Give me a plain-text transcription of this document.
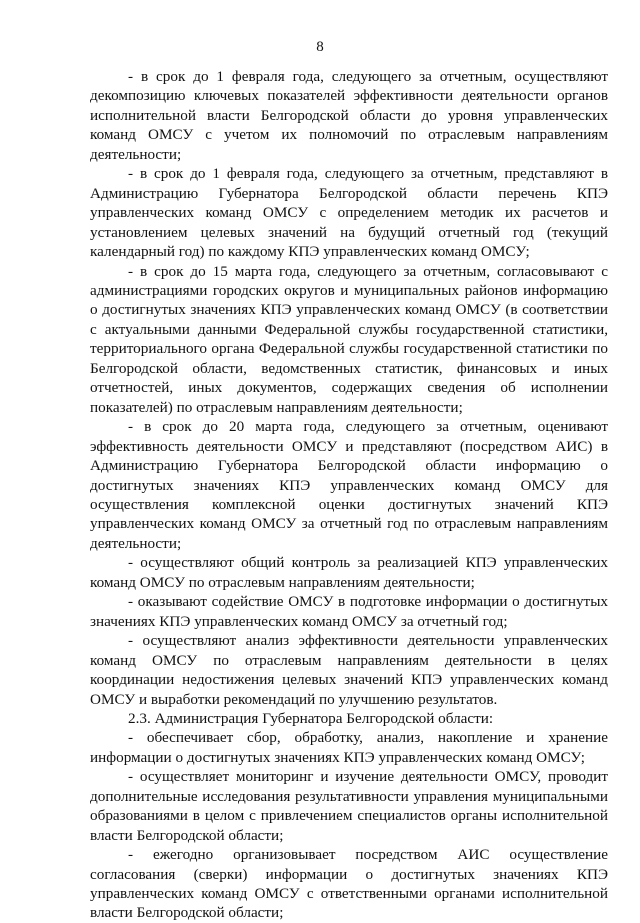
8

- в срок до 1 февраля года, следующего за отчетным, осуществляют декомпозицию ключевых показателей эффективности деятельности органов исполнительной власти Белгородской области до уровня управленческих команд ОМСУ с учетом их полномочий по отраслевым направлениям деятельности;

- в срок до 1 февраля года, следующего за отчетным, представляют в Администрацию Губернатора Белгородской области перечень КПЭ управленческих команд ОМСУ с определением методик их расчетов и установлением целевых значений на будущий отчетный год (текущий календарный год) по каждому КПЭ управленческих команд ОМСУ;

- в срок до 15 марта года, следующего за отчетным, согласовывают с администрациями городских округов и муниципальных районов информацию о достигнутых значениях КПЭ управленческих команд ОМСУ (в соответствии с актуальными данными Федеральной службы государственной статистики, территориального органа Федеральной службы государственной статистики по Белгородской области, ведомственных статистик, финансовых и иных отчетностей, иных документов, содержащих сведения об исполнении показателей) по отраслевым направлениям деятельности;

- в срок до 20 марта года, следующего за отчетным, оценивают эффективность деятельности ОМСУ и представляют (посредством АИС) в Администрацию Губернатора Белгородской области информацию о достигнутых значениях КПЭ управленческих команд ОМСУ для осуществления комплексной оценки достигнутых значений КПЭ управленческих команд ОМСУ за отчетный год по отраслевым направлениям деятельности;

- осуществляют общий контроль за реализацией КПЭ управленческих команд ОМСУ по отраслевым направлениям деятельности;

- оказывают содействие ОМСУ в подготовке информации о достигнутых значениях КПЭ управленческих команд ОМСУ за отчетный год;

- осуществляют анализ эффективности деятельности управленческих команд ОМСУ по отраслевым направлениям деятельности в целях координации недостижения целевых значений КПЭ управленческих команд ОМСУ и выработки рекомендаций по улучшению результатов.

2.3. Администрация Губернатора Белгородской области:

- обеспечивает сбор, обработку, анализ, накопление и хранение информации о достигнутых значениях КПЭ управленческих команд ОМСУ;

- осуществляет мониторинг и изучение деятельности ОМСУ, проводит дополнительные исследования результативности управления муниципальными образованиями в целом с привлечением специалистов органы исполнительной власти Белгородской области;

- ежегодно организовывает посредством АИС осуществление согласования (сверки) информации о достигнутых значениях КПЭ управленческих команд ОМСУ с ответственными органами исполнительной власти Белгородской области;
